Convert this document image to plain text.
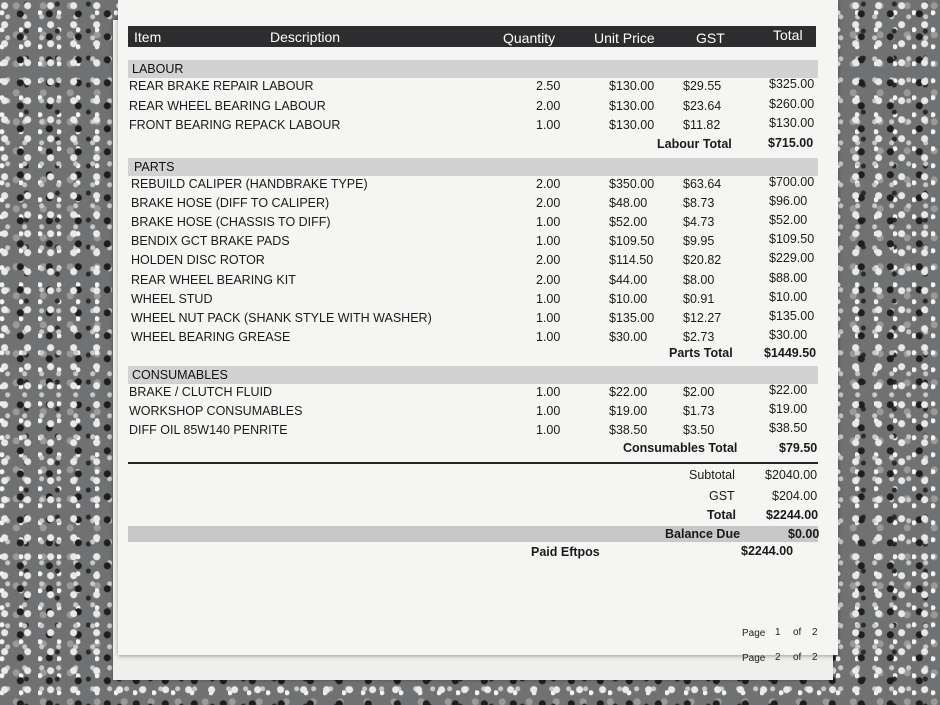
Item	Description	Quantity	Unit Price	GST	Total
LABOUR
REAR BRAKE REPAIR LABOUR	2.50	$130.00 $29.55	$325.00
REAR WHEEL BEARING LABOUR	2.00	$130.00 $23.64	$260.00
FRONT BEARING REPACK LABOUR	1.00	$130.00 $11.82	$130.00
Labour Total	$715.00
PARTS
REBUILD CALIPER (HANDBRAKE TYPE)	2.00	$350.00 $63.64	$700.00
BRAKE HOSE (DIFF TO CALIPER)	2.00	$48.00	$8.73	$96.00
BRAKE HOSE (CHASSIS TO DIFF)	1.00	$52.00	$4.73	$52.00
BENDIX GCT BRAKE PADS	1.00	$109.50 $9.95	$109.50
HOLDEN DISC ROTOR	2.00	$114.50 $20.82	$229.00
REAR WHEEL BEARING KIT	2.00	$44.00	$8.00	$88.00
WHEEL STUD	1.00	$10.00	$0.91	$10.00
WHEEL NUT PACK (SHANK STYLE WITH WASHER)	1.00	$135.00 $12.27	$135.00
WHEEL BEARING GREASE	1.00	$30.00	$2.73	$30.00
Parts Total	$1449.50
CONSUMABLES
BRAKE / CLUTCH FLUID	1.00	$22.00	$2.00	$22.00
WORKSHOP CONSUMABLES	1.00	$19.00	$1.73	$19.00
DIFF OIL 85W140 PENRITE	1.00	$38.50	$3.50	$38.50
Consumables Total	$79.50
Subtotal $2040.00
GST	$204.00
Total $2244.00
Balance Due	$0.00
Paid Eftpos	$2244.00
Page 1 of 2
Page 2 of 2
